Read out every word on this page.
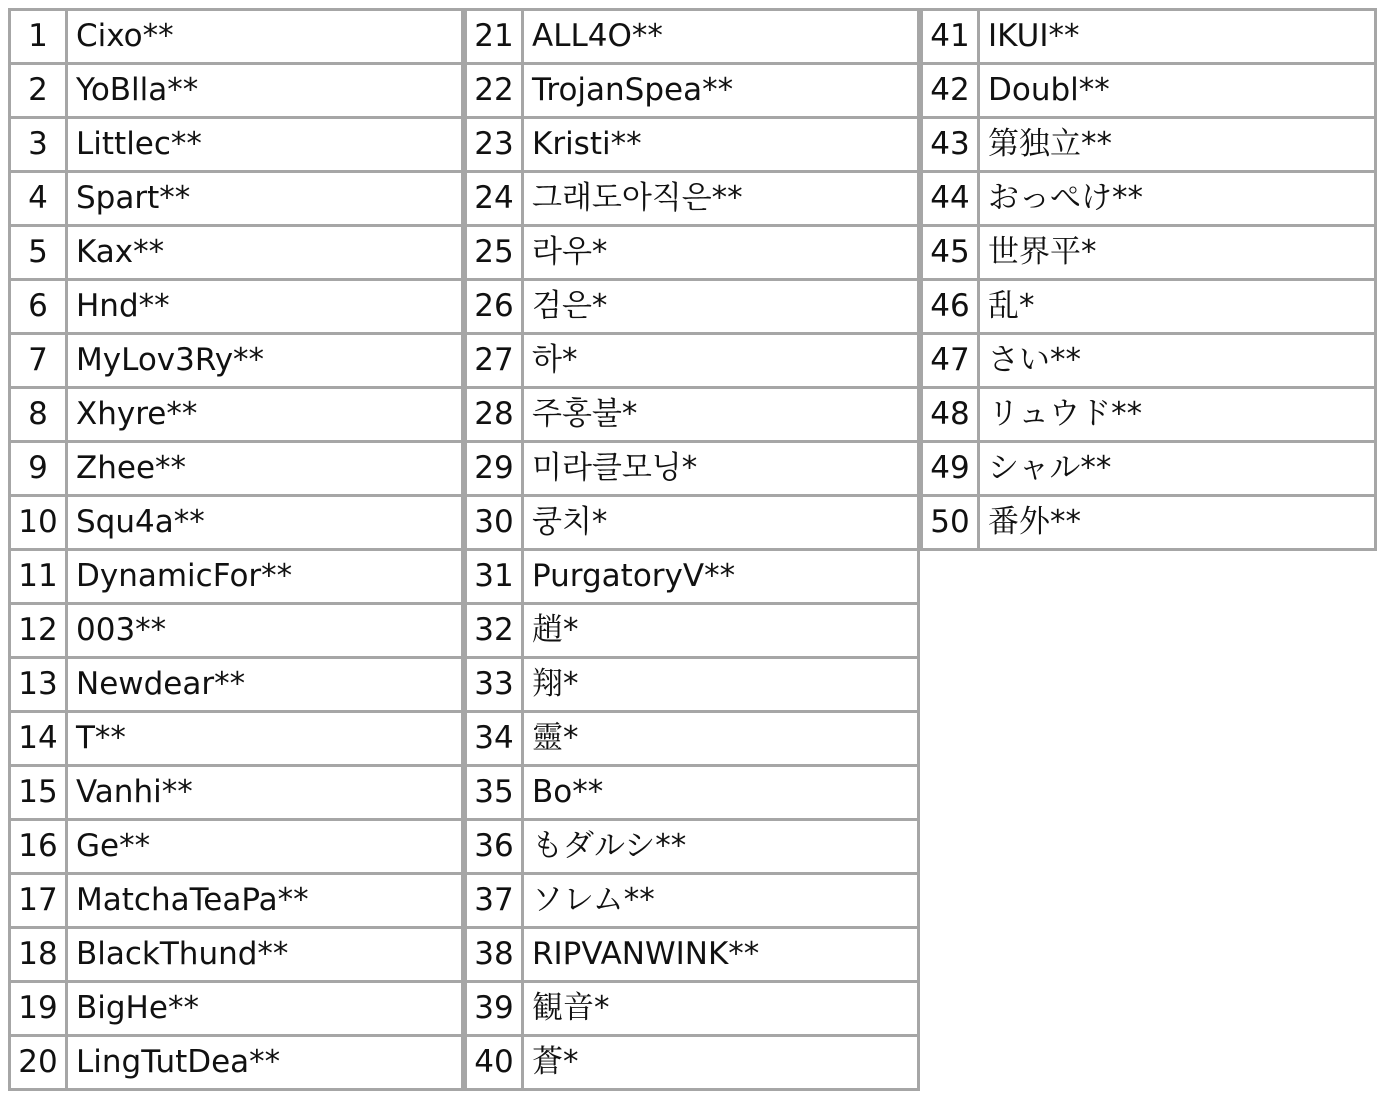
1	Cixo**
2	YoBlla**
3	Littlec**
4	Spart**
5	Kax**
6	Hnd**
7	MyLov3Ry**
8	Xhyre**
9	Zhee**
10	Squ4a**
11	DynamicFor**
12	003**
13	Newdear**
14	T**
15	Vanhi**
16	Ge**
17	MatchaTeaPa**
18	BlackThund**
19	BigHe**
20	LingTutDea**
21	ALL4O**
22	TrojanSpea**
23	Kristi**
24	그래도아직은**
25	라우*
26	검은*
27	하*
28	주홍불*
29	미라클모닝*
30	쿵치*
31	PurgatoryV**
32	趙*
33	翔*
34	靈*
35	Bo**
36	もダルシ**
37	ソレム**
38	RIPVANWINK**
39	観音*
40	蒼*
41	IKUI**
42	Doubl**
43	第独立**
44	おっぺけ**
45	世界平*
46	乱*
47	さい**
48	リュウド**
49	シャル**
50	番外**
